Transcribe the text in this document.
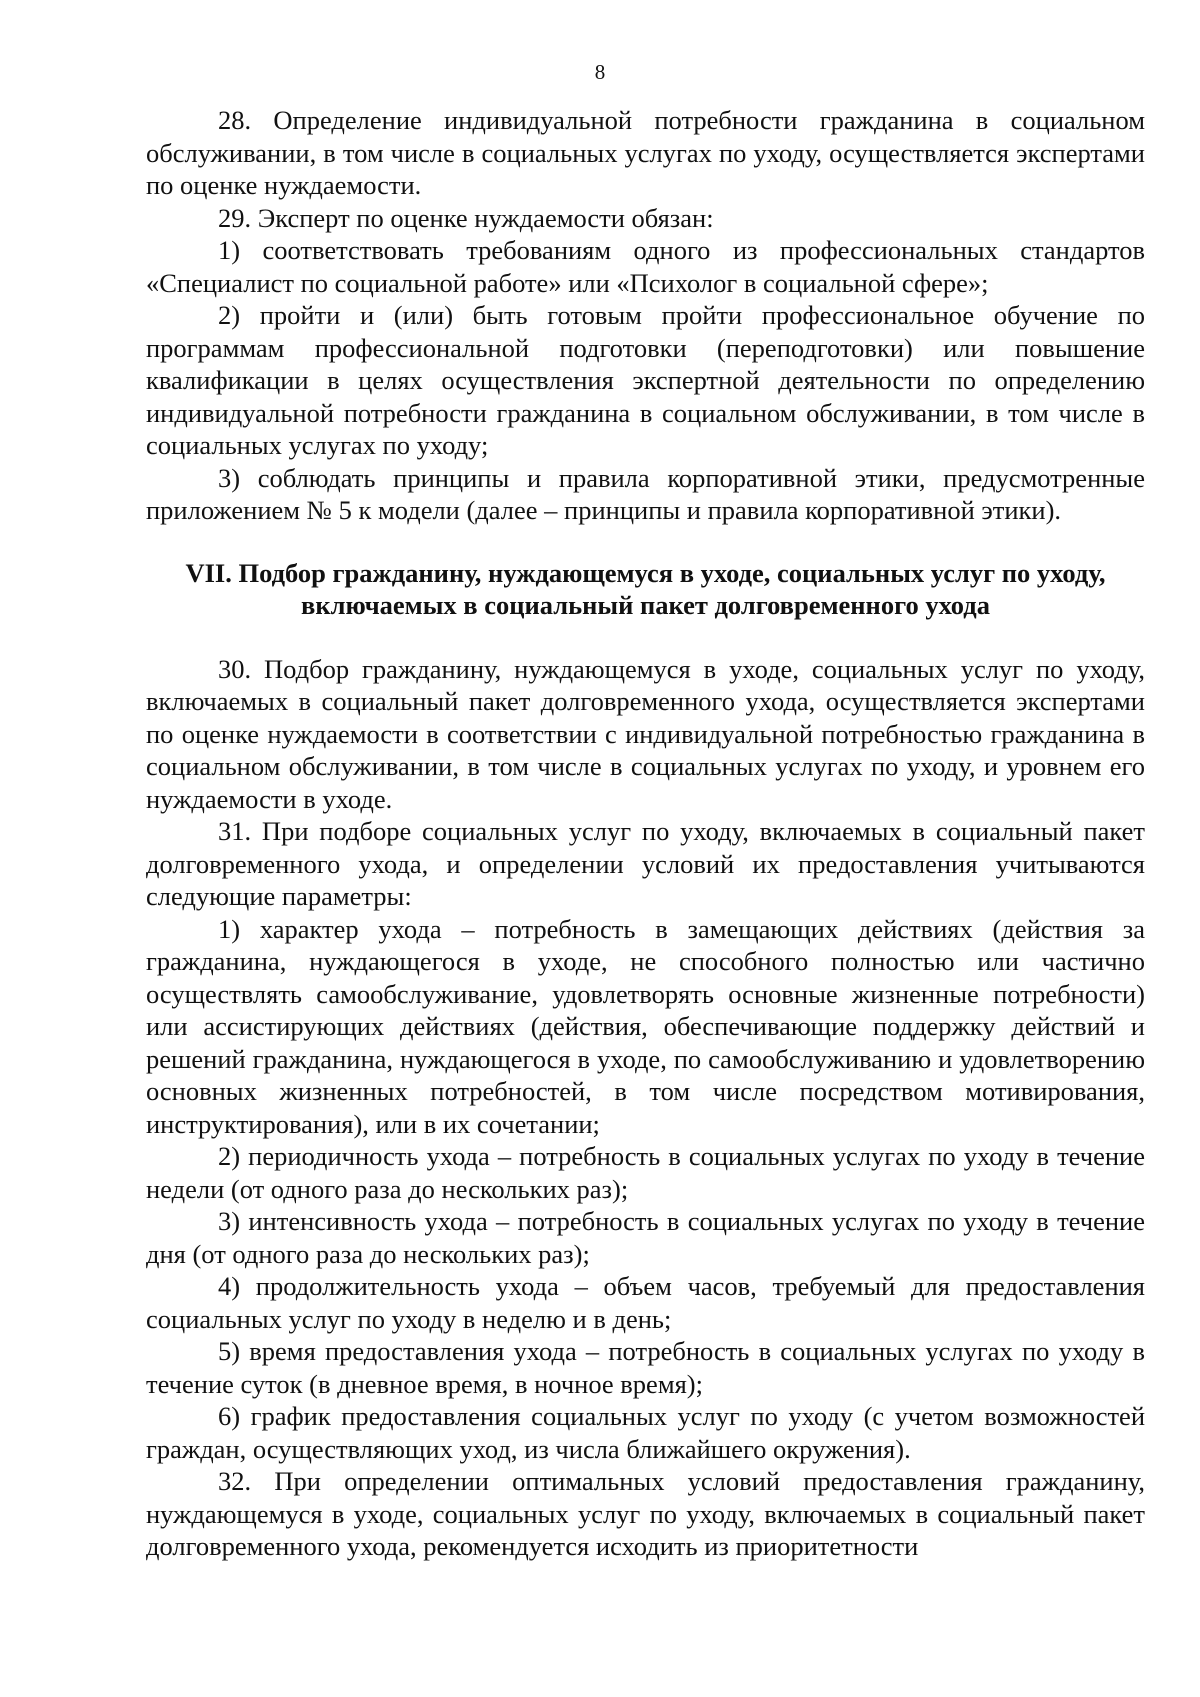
8

28. Определение индивидуальной потребности гражданина в социальном обслуживании, в том числе в социальных услугах по уходу, осуществляется экспертами по оценке нуждаемости.

29. Эксперт по оценке нуждаемости обязан:

1) соответствовать требованиям одного из профессиональных стандартов «Специалист по социальной работе» или «Психолог в социальной сфере»;

2) пройти и (или) быть готовым пройти профессиональное обучение по программам профессиональной подготовки (переподготовки) или повышение квалификации в целях осуществления экспертной деятельности по определению индивидуальной потребности гражданина в социальном обслуживании, в том числе в социальных услугах по уходу;

3) соблюдать принципы и правила корпоративной этики, предусмотренные приложением № 5 к модели (далее – принципы и правила корпоративной этики).

VII. Подбор гражданину, нуждающемуся в уходе, социальных услуг по уходу,
включаемых в социальный пакет долговременного ухода

30. Подбор гражданину, нуждающемуся в уходе, социальных услуг по уходу, включаемых в социальный пакет долговременного ухода, осуществляется экспертами по оценке нуждаемости в соответствии с индивидуальной потребностью гражданина в социальном обслуживании, в том числе в социальных услугах по уходу, и уровнем его нуждаемости в уходе.

31. При подборе социальных услуг по уходу, включаемых в социальный пакет долговременного ухода, и определении условий их предоставления учитываются следующие параметры:

1) характер ухода – потребность в замещающих действиях (действия за гражданина, нуждающегося в уходе, не способного полностью или частично осуществлять самообслуживание, удовлетворять основные жизненные потребности) или ассистирующих действиях (действия, обеспечивающие поддержку действий и решений гражданина, нуждающегося в уходе, по самообслуживанию и удовлетворению основных жизненных потребностей, в том числе посредством мотивирования, инструктирования), или в их сочетании;

2) периодичность ухода – потребность в социальных услугах по уходу в течение недели (от одного раза до нескольких раз);

3) интенсивность ухода – потребность в социальных услугах по уходу в течение дня (от одного раза до нескольких раз);

4) продолжительность ухода – объем часов, требуемый для предоставления социальных услуг по уходу в неделю и в день;

5) время предоставления ухода – потребность в социальных услугах по уходу в течение суток (в дневное время, в ночное время);

6) график предоставления социальных услуг по уходу (с учетом возможностей граждан, осуществляющих уход, из числа ближайшего окружения).

32. При определении оптимальных условий предоставления гражданину, нуждающемуся в уходе, социальных услуг по уходу, включаемых в социальный пакет долговременного ухода, рекомендуется исходить из приоритетности
